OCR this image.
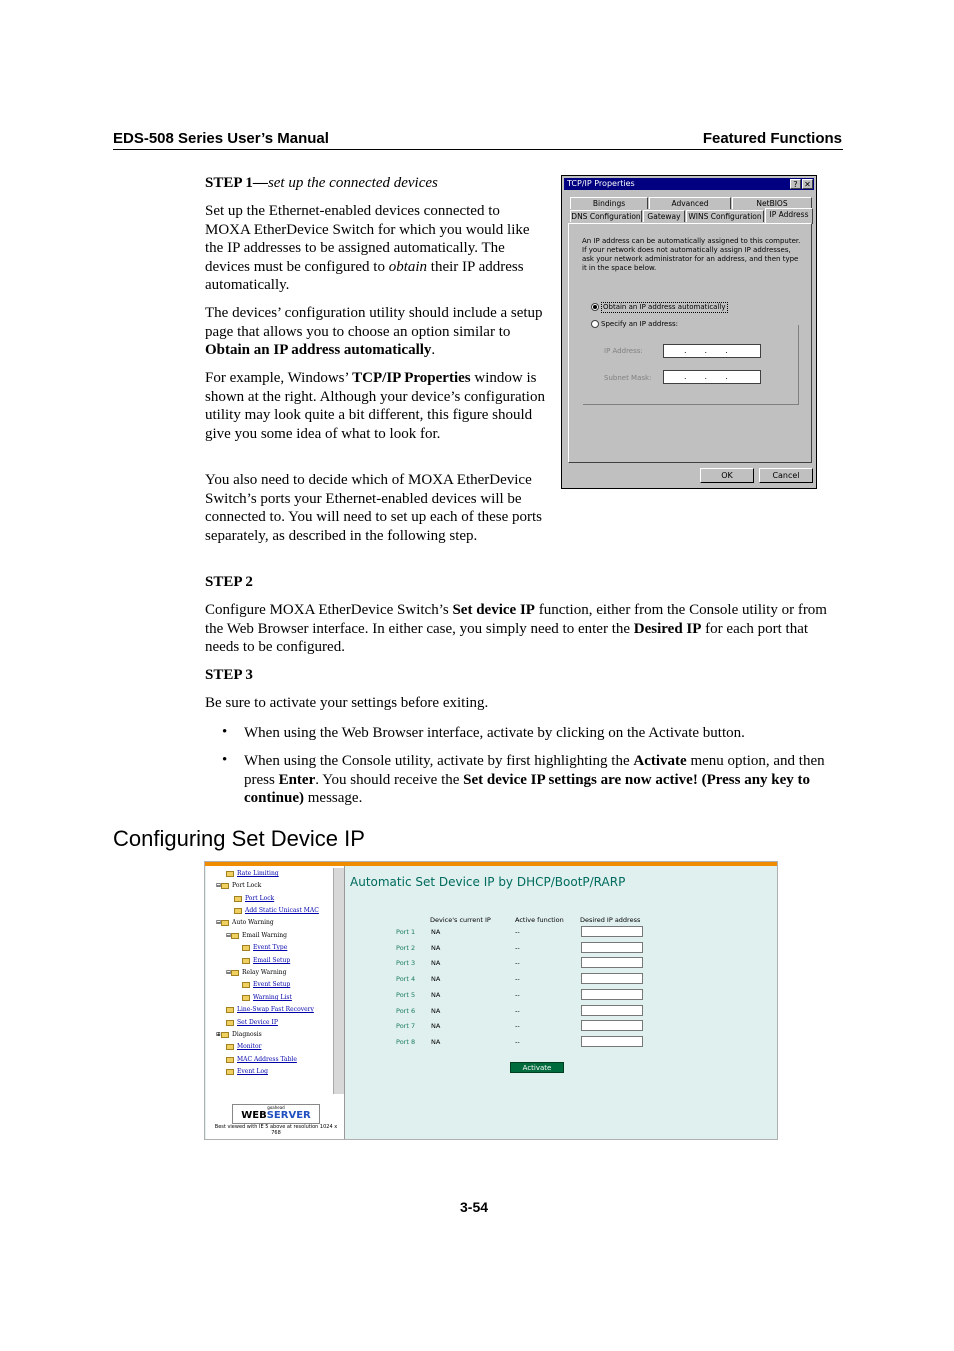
EDS-508 Series User’s Manual	Featured Functions
STEP 1—set up the connected devices

Set up the Ethernet-enabled devices connected to MOXA EtherDevice Switch for which you would like the IP addresses to be assigned automatically. The devices must be configured to obtain their IP address automatically.

The devices’ configuration utility should include a setup page that allows you to choose an option similar to Obtain an IP address automatically.

For example, Windows’ TCP/IP Properties window is shown at the right. Although your device’s configuration utility may look quite a bit different, this figure should give you some idea of what to look for.

You also need to decide which of MOXA EtherDevice Switch’s ports your Ethernet-enabled devices will be connected to. You will need to set up each of these ports separately, as described in the following step.

TCP/IP Properties	? ✕
Bindings	Advanced	NetBIOS
DNS Configuration Gateway	WINS Configuration	IP Address
An IP address can be automatically assigned to this computer. If your network does not automatically assign IP addresses, ask your network administrator for an address, and then type it in the space below.
Obtain an IP address automatically
Specify an IP address:
IP Address:	...
Subnet Mask:	...
OK	Cancel
STEP 2

Configure MOXA EtherDevice Switch’s Set device IP function, either from the Console utility or from the Web Browser interface. In either case, you simply need to enter the Desired IP for each port that needs to be configured.

STEP 3

Be sure to activate your settings before exiting.

• When using the Web Browser interface, activate by clicking on the Activate button.

• When using the Console utility, activate by first highlighting the Activate menu option, and then press Enter. You should receive the Set device IP settings are now active! (Press any key to continue) message.

Configuring Set Device IP
Rate Limiting
⊟ Port Lock
Port Lock
Add Static Unicast MAC
⊟ Auto Warning
⊟ Email Warning
Event Type
Email Setup
⊟ Relay Warning
Event Setup
Warning List
Line-Swap Fast Recovery
Set Device IP
⊞ Diagnosis
Monitor
MAC Address Table
Event Log
goahead
WEBSERVER
Best viewed with IE 5 above at resolution 1024 x 768
Automatic Set Device IP by DHCP/BootP/RARP
Device's current IP	Active function	Desired IP address
Port 1 NA	--
Port 2 NA	--
Port 3 NA	--
Port 4 NA	--
Port 5 NA	--
Port 6 NA	--
Port 7 NA	--
Port 8 NA	--
Activate
3-54
